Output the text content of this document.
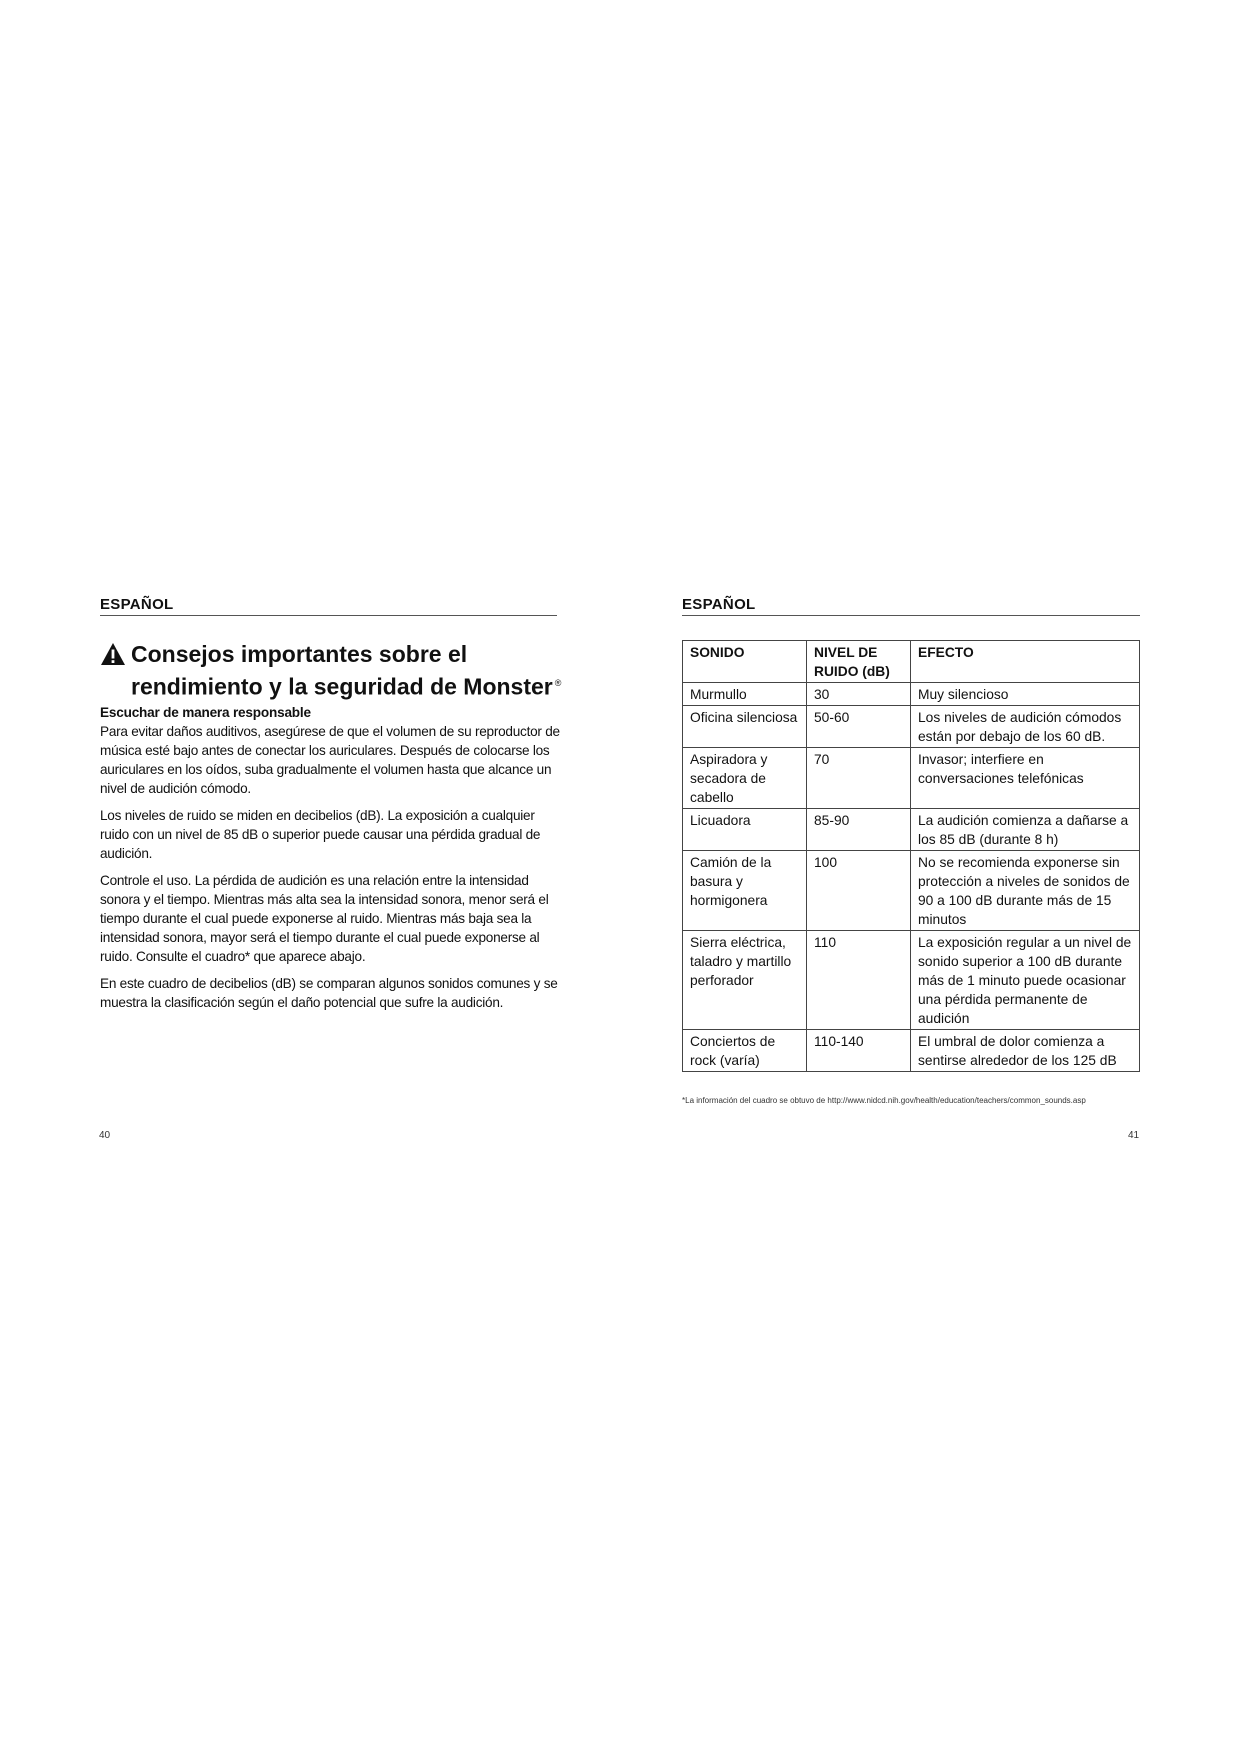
ESPAÑOL
Consejos importantes sobre el
rendimiento y la seguridad de Monster ®
Escuchar de manera responsable

Para evitar daños auditivos, asegúrese de que el volumen de su reproductor de música esté bajo antes de conectar los auriculares. Después de colocarse los auriculares en los oídos, suba gradualmente el volumen hasta que alcance un nivel de audición cómodo.

Los niveles de ruido se miden en decibelios (dB). La exposición a cualquier ruido con un nivel de 85 dB o superior puede causar una pérdida gradual de audición.

Controle el uso. La pérdida de audición es una relación entre la intensidad sonora y el tiempo. Mientras más alta sea la intensidad sonora, menor será el tiempo durante el cual puede exponerse al ruido. Mientras más baja sea la intensidad sonora, mayor será el tiempo durante el cual puede exponerse al ruido. Consulte el cuadro* que aparece abajo.

En este cuadro de decibelios (dB) se comparan algunos sonidos comunes y se muestra la clasificación según el daño potencial que sufre la audición.

40
ESPAÑOL
SONIDO	NIVEL DE RUIDO (dB)	EFECTO
Murmullo	30	Muy silencioso
Oficina silenciosa	50-60	Los niveles de audición cómodos están por debajo de los 60 dB.
Aspiradora y secadora de cabello	70	Invasor; interfiere en conversaciones telefónicas
Licuadora	85-90	La audición comienza a dañarse a los 85 dB (durante 8 h)
Camión de la basura y hormigonera	100	No se recomienda exponerse sin protección a niveles de sonidos de 90 a 100 dB durante más de 15 minutos
Sierra eléctrica, taladro y martillo perforador	110	La exposición regular a un nivel de sonido superior a 100 dB durante más de 1 minuto puede ocasionar una pérdida permanente de audición
Conciertos de rock (varía)	110-140	El umbral de dolor comienza a sentirse alrededor de los 125 dB
*La información del cuadro se obtuvo de http://www.nidcd.nih.gov/health/education/teachers/common_sounds.asp
41
